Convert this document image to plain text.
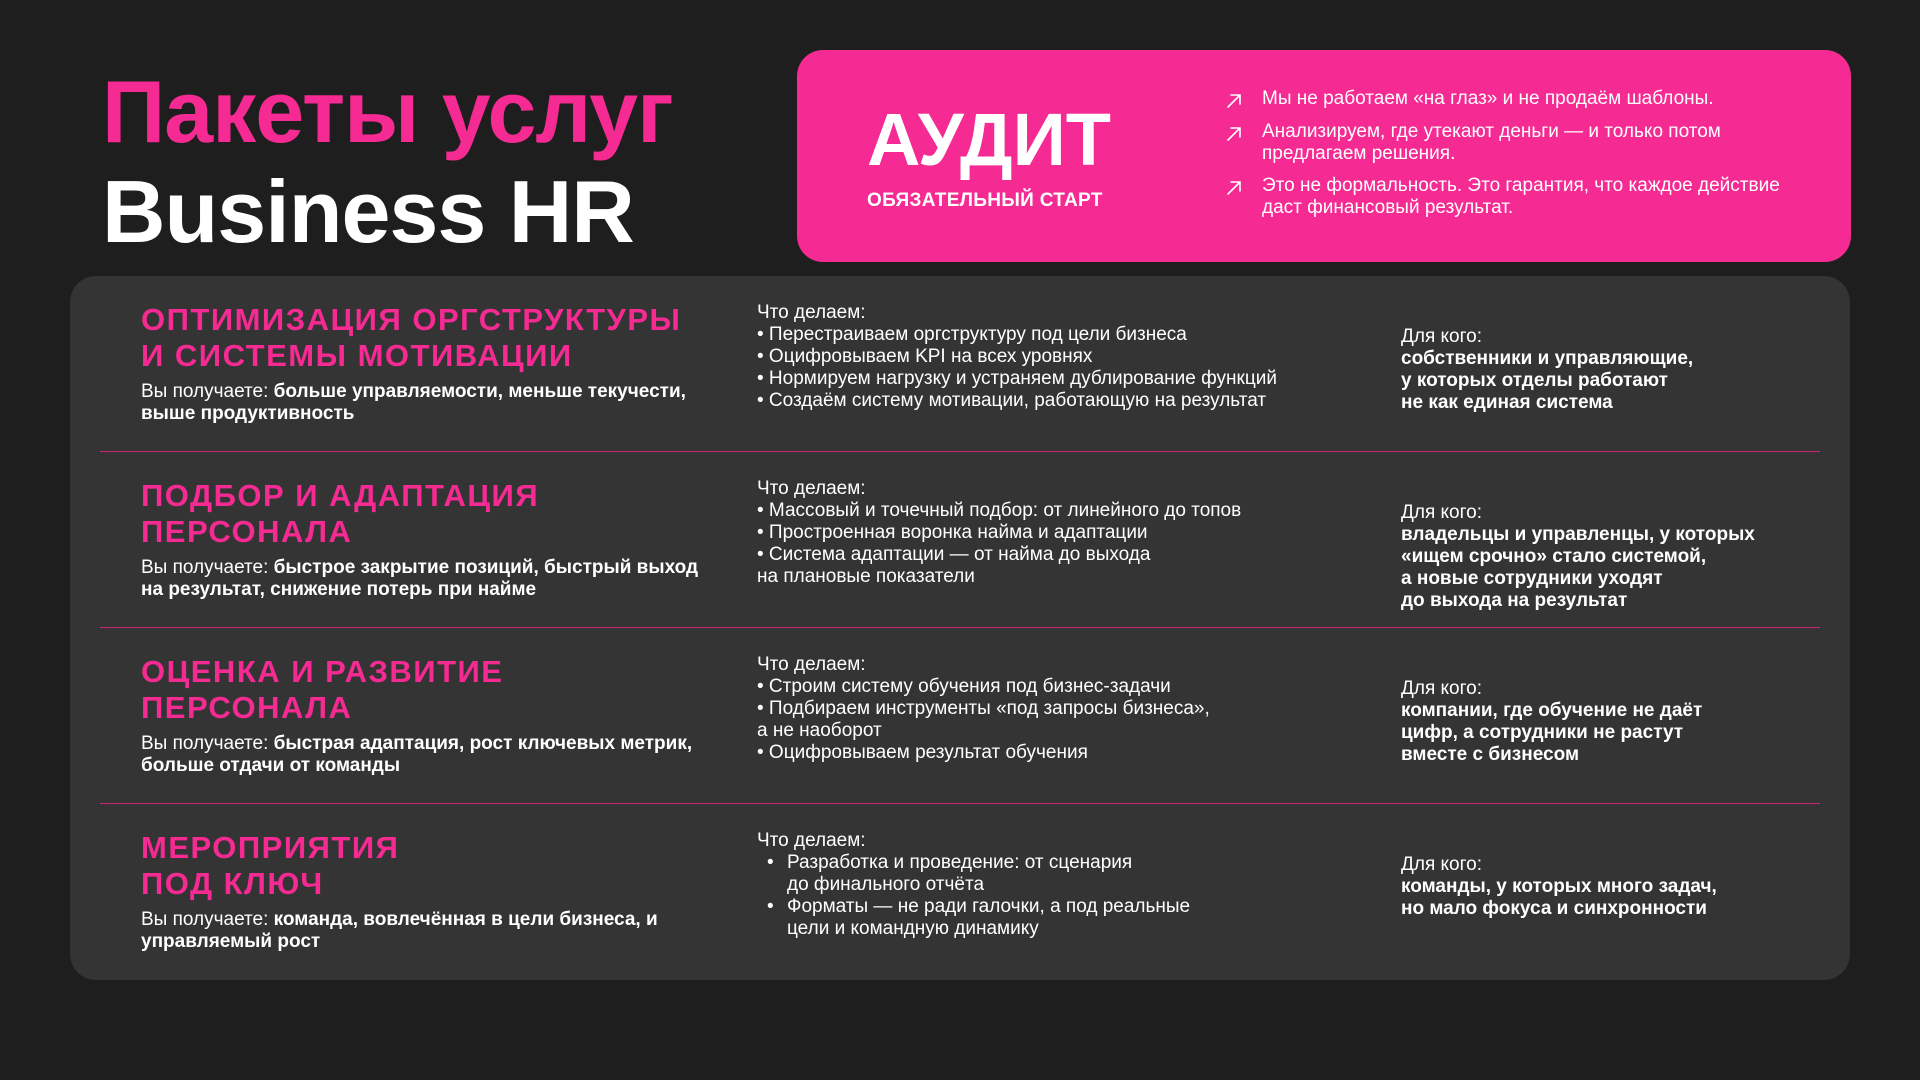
Пакеты услуг
Business HR
АУДИТ
ОБЯЗАТЕЛЬНЫЙ СТАРТ
Мы не работаем «на глаз» и не продаём шаблоны.
Анализируем, где утекают деньги — и только потом предлагаем решения.
Это не формальность. Это гарантия, что каждое действие даст финансовый результат.
ОПТИМИЗАЦИЯ ОРГСТРУКТУРЫ
И СИСТЕМЫ МОТИВАЦИИ
Вы получаете: больше управляемости, меньше текучести, выше продуктивность
Что делаем:
• Перестраиваем оргструктуру под цели бизнеса
• Оцифровываем KPI на всех уровнях
• Нормируем нагрузку и устраняем дублирование функций
• Создаём систему мотивации, работающую на результат
Для кого:
собственники и управляющие,
у которых отделы работают
не как единая система
ПОДБОР И АДАПТАЦИЯ
ПЕРСОНАЛА
Вы получаете: быстрое закрытие позиций, быстрый выход на результат, снижение потерь при найме
Что делаем:
• Массовый и точечный подбор: от линейного до топов
• Простроенная воронка найма и адаптации
• Система адаптации — от найма до выхода
на плановые показатели
Для кого:
владельцы и управленцы, у которых
«ищем срочно» стало системой,
а новые сотрудники уходят
до выхода на результат
ОЦЕНКА И РАЗВИТИЕ
ПЕРСОНАЛА
Вы получаете: быстрая адаптация, рост ключевых метрик, больше отдачи от команды
Что делаем:
• Строим систему обучения под бизнес-задачи
• Подбираем инструменты «под запросы бизнеса»,
а не наоборот
• Оцифровываем результат обучения
Для кого:
компании, где обучение не даёт
цифр, а сотрудники не растут
вместе с бизнесом
МЕРОПРИЯТИЯ
ПОД КЛЮЧ
Вы получаете: команда, вовлечённая в цели бизнеса, и управляемый рост
Что делаем:
• Разработка и проведение: от сценария
до финального отчёта
• Форматы — не ради галочки, а под реальные
цели и командную динамику
Для кого:
команды, у которых много задач,
но мало фокуса и синхронности
